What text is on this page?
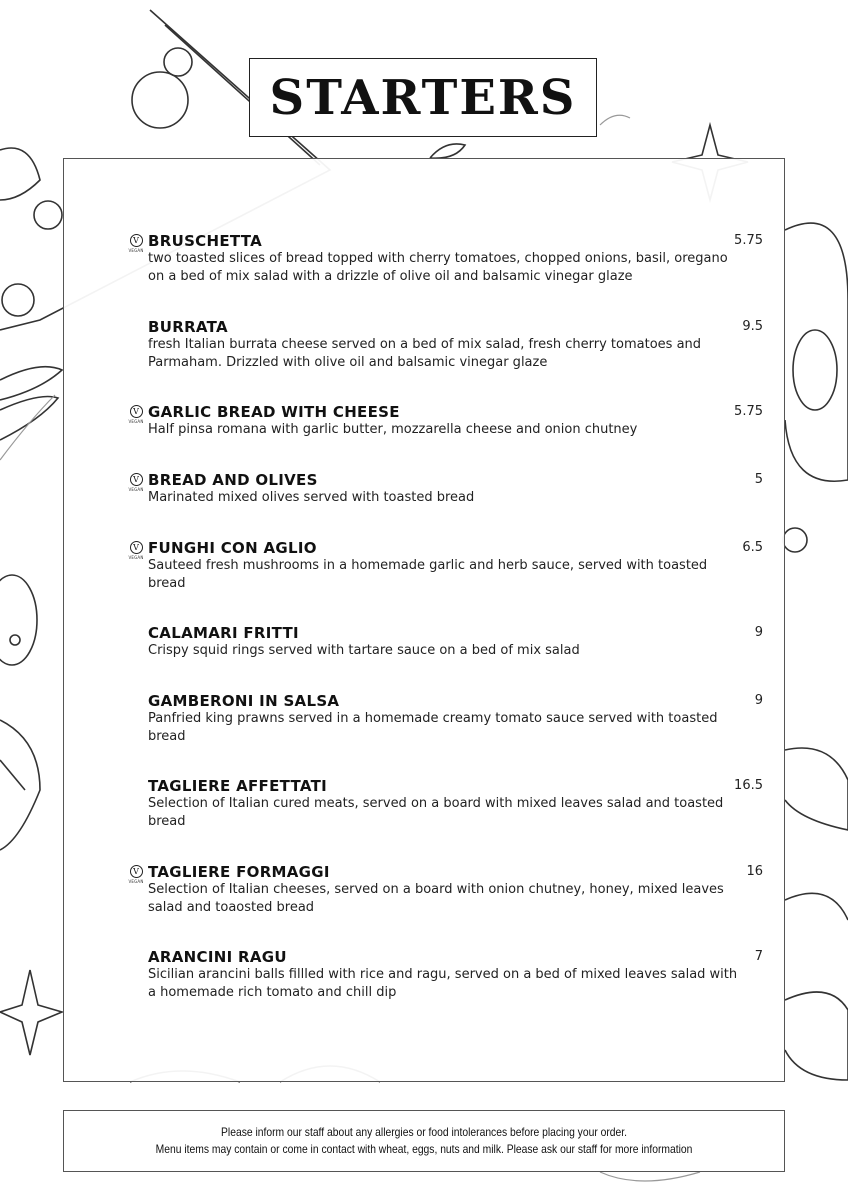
STARTERS
V
VEGAN
BRUSCHETTA
two toasted slices of bread topped with cherry tomatoes, chopped onions, basil, oregano on a bed of mix salad with a drizzle of olive oil and balsamic vinegar glaze
5.75
BURRATA
fresh Italian burrata cheese served on a bed of mix salad, fresh cherry tomatoes and Parmaham. Drizzled with olive oil and balsamic vinegar glaze
9.5
V
VEGAN
GARLIC BREAD WITH CHEESE
Half pinsa romana with garlic butter, mozzarella cheese and onion chutney
5.75
V
VEGAN
BREAD AND OLIVES
Marinated mixed olives served with toasted bread
5
V
VEGAN
FUNGHI CON AGLIO
Sauteed fresh mushrooms in a homemade garlic and herb sauce, served with toasted bread
6.5
CALAMARI FRITTI
Crispy squid rings served with tartare sauce on a bed of mix salad
9
GAMBERONI IN SALSA
Panfried king prawns served in a homemade creamy tomato sauce served with toasted bread
9
TAGLIERE AFFETTATI
Selection of Italian cured meats, served on a board with mixed leaves salad and toasted bread
16.5
V
VEGAN
TAGLIERE FORMAGGI
Selection of Italian cheeses, served on a board with onion chutney, honey, mixed leaves salad and toaosted bread
16
ARANCINI RAGU
Sicilian arancini balls fillled with rice and ragu, served on a bed of mixed leaves salad with a homemade rich tomato and chill dip
7
Please inform our staff about any allergies or food intolerances before placing your order.
Menu items may contain or come in contact with wheat, eggs, nuts and milk. Please ask our staff for more information
